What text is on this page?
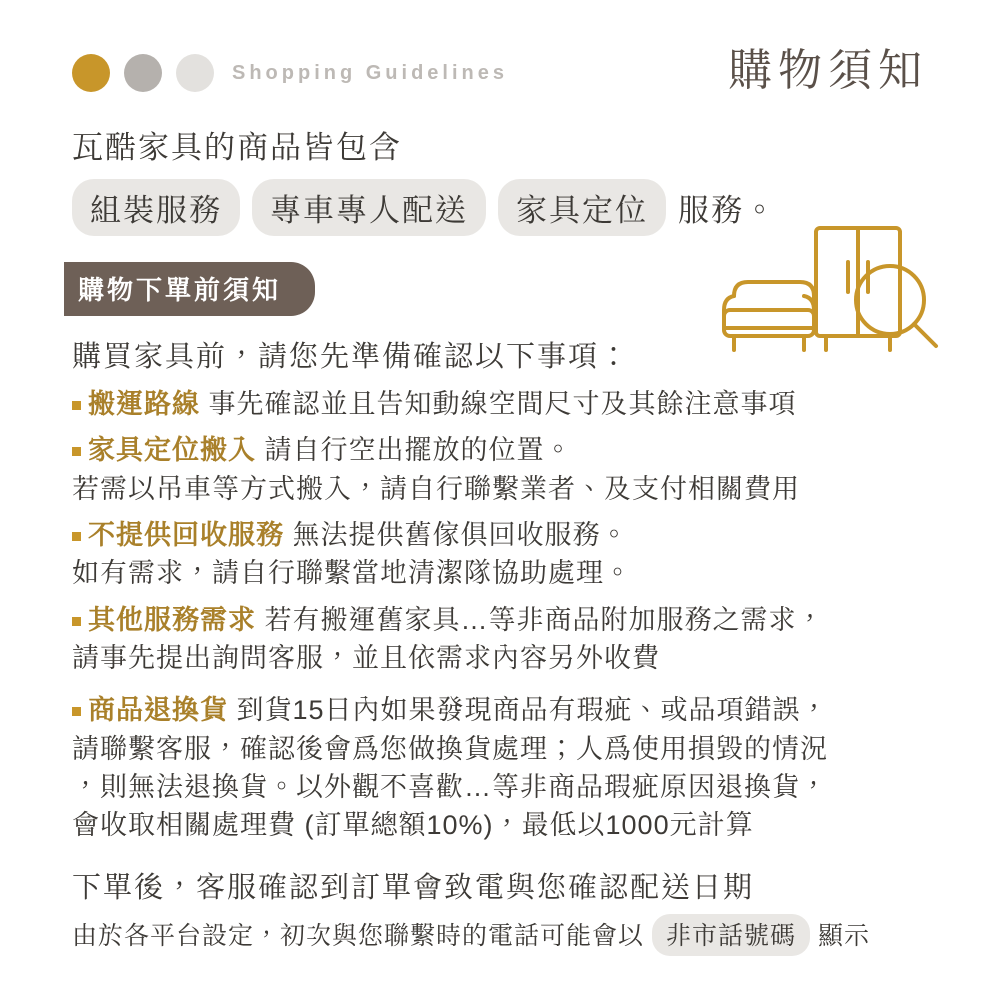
Shopping Guidelines	購物須知
瓦酷家具的商品皆包含
組裝服務	專車專人配送	家具定位 服務。
購物下單前須知
購買家具前，請您先準備確認以下事項：
搬運路線 事先確認並且告知動線空間尺寸及其餘注意事項
家具定位搬入 請自行空出擺放的位置。
若需以吊車等方式搬入，請自行聯繫業者、及支付相關費用
不提供回收服務 無法提供舊傢俱回收服務。
如有需求，請自行聯繫當地清潔隊協助處理。
其他服務需求 若有搬運舊家具…等非商品附加服務之需求，
請事先提出詢問客服，並且依需求內容另外收費
商品退換貨 到貨15日內如果發現商品有瑕疵、或品項錯誤，
請聯繫客服，確認後會爲您做換貨處理；人爲使用損毀的情況
，則無法退換貨。以外觀不喜歡…等非商品瑕疵原因退換貨，
會收取相關處理費 (訂單總額10%)，最低以1000元計算
下單後，客服確認到訂單會致電與您確認配送日期
由於各平台設定，初次與您聯繫時的電話可能會以 非市話號碼 顯示
